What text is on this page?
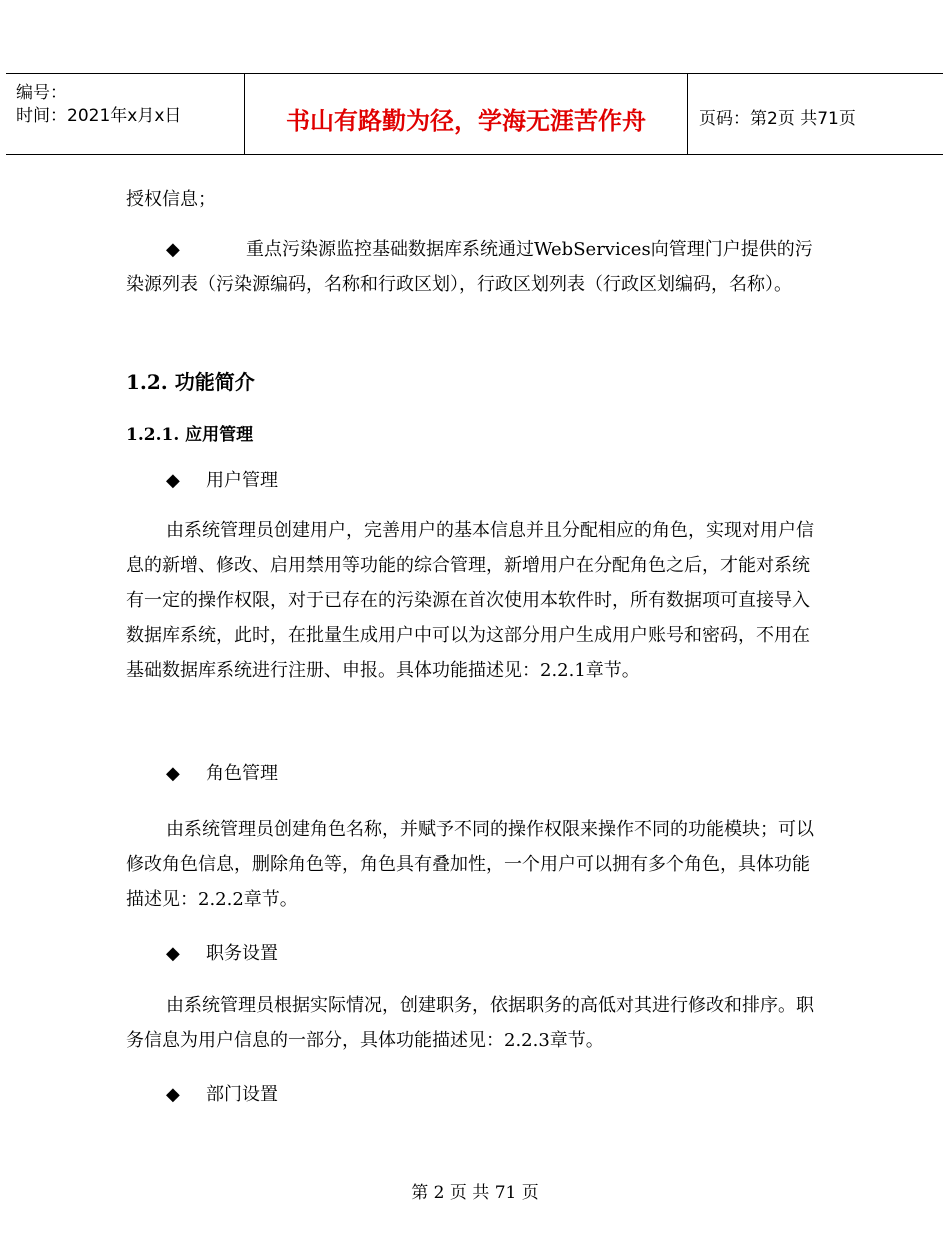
编号：
时间：2021年x月x日	书山有路勤为径，学海无涯苦作舟	页码：第2页 共71页
授权信息；
◆	重点污染源监控基础数据库系统通过WebServices向管理门户提供的污染源列表（污染源编码，名称和行政区划），行政区划列表（行政区划编码，名称）。
1.2. 功能简介
1.2.1. 应用管理
◆ 用户管理

由系统管理员创建用户，完善用户的基本信息并且分配相应的角色，实现对用户信息的新增、修改、启用禁用等功能的综合管理，新增用户在分配角色之后，才能对系统有一定的操作权限，对于已存在的污染源在首次使用本软件时，所有数据项可直接导入数据库系统，此时，在批量生成用户中可以为这部分用户生成用户账号和密码，不用在基础数据库系统进行注册、申报。具体功能描述见：2.2.1章节。

◆ 角色管理

由系统管理员创建角色名称，并赋予不同的操作权限来操作不同的功能模块；可以修改角色信息，删除角色等，角色具有叠加性，一个用户可以拥有多个角色，具体功能描述见：2.2.2章节。

◆ 职务设置

由系统管理员根据实际情况，创建职务，依据职务的高低对其进行修改和排序。职务信息为用户信息的一部分，具体功能描述见：2.2.3章节。

◆ 部门设置
第 2 页 共 71 页
